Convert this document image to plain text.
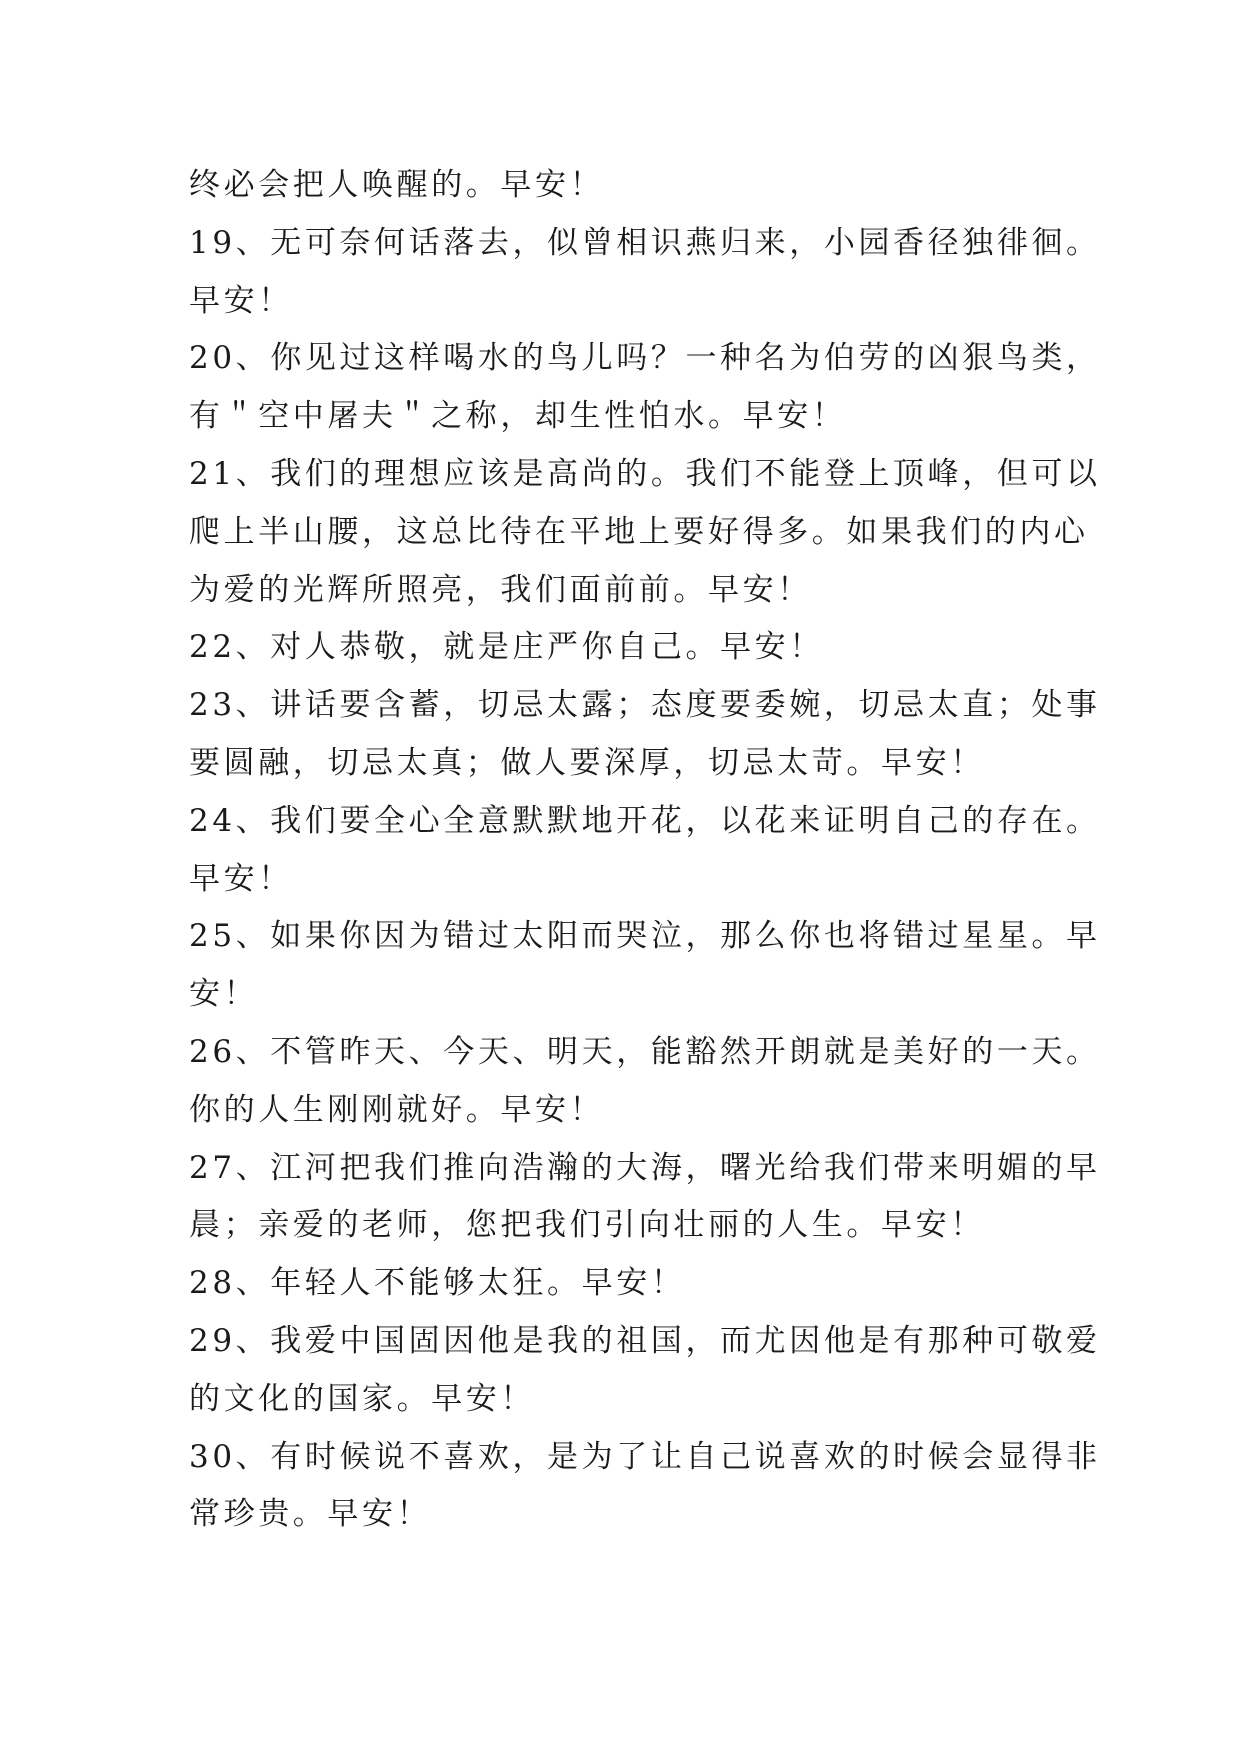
终必会把人唤醒的。早安！
19、无可奈何话落去，似曾相识燕归来，小园香径独徘徊。
早安！
20、你见过这样喝水的鸟儿吗？一种名为伯劳的凶狠鸟类，
有＂空中屠夫＂之称，却生性怕水。早安！
21、我们的理想应该是高尚的。我们不能登上顶峰，但可以
爬上半山腰，这总比待在平地上要好得多。如果我们的内心
为爱的光辉所照亮，我们面前前。早安！
22、对人恭敬，就是庄严你自己。早安！
23、讲话要含蓄，切忌太露；态度要委婉，切忌太直；处事
要圆融，切忌太真；做人要深厚，切忌太苛。早安！
24、我们要全心全意默默地开花，以花来证明自己的存在。
早安！
25、如果你因为错过太阳而哭泣，那么你也将错过星星。早
安！
26、不管昨天、今天、明天，能豁然开朗就是美好的一天。
你的人生刚刚就好。早安！
27、江河把我们推向浩瀚的大海，曙光给我们带来明媚的早
晨；亲爱的老师，您把我们引向壮丽的人生。早安！
28、年轻人不能够太狂。早安！
29、我爱中国固因他是我的祖国，而尤因他是有那种可敬爱
的文化的国家。早安！
30、有时候说不喜欢，是为了让自己说喜欢的时候会显得非
常珍贵。早安！
